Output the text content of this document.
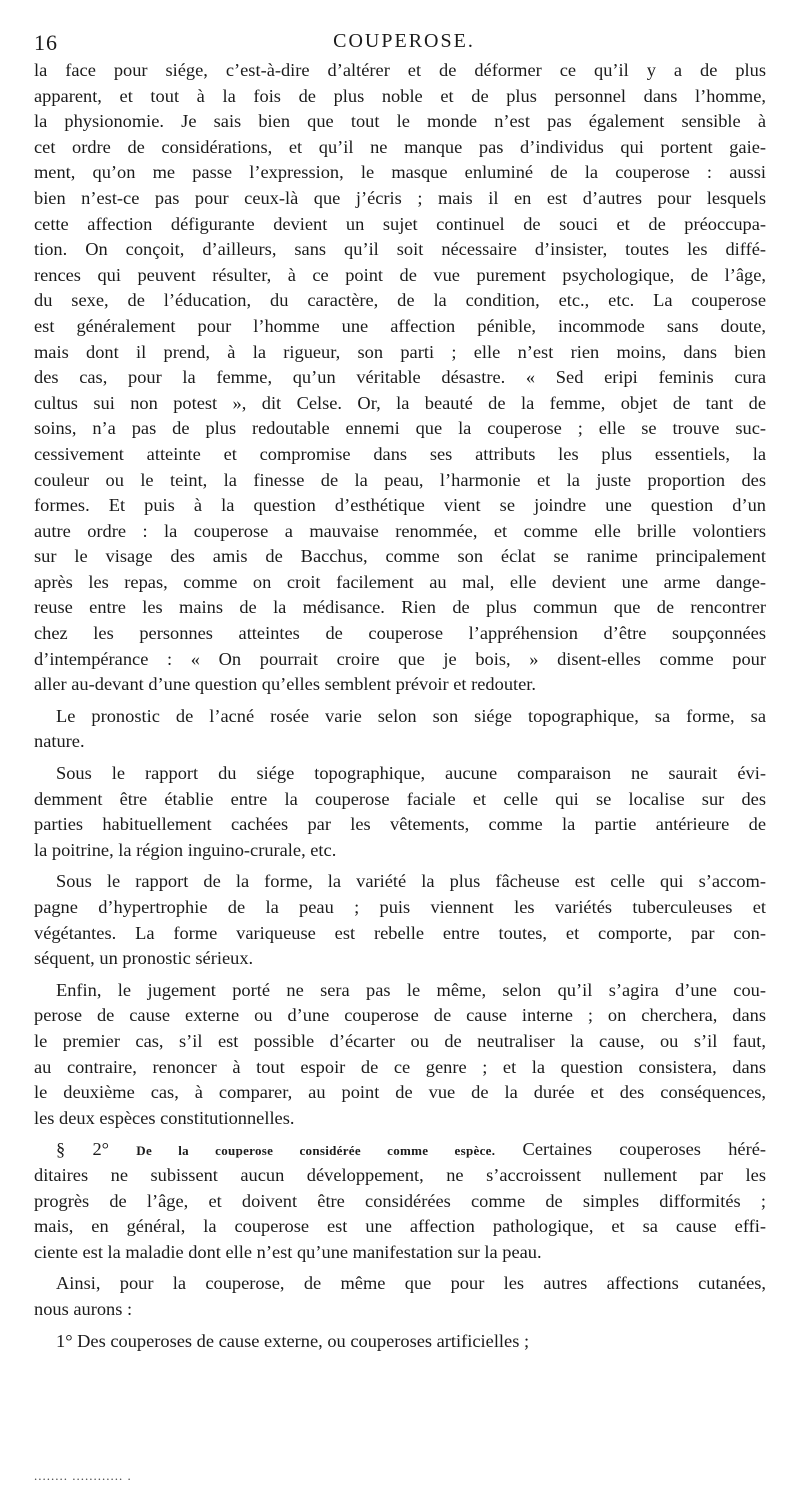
16	COUPEROSE.
la face pour siége, c’est-à-dire d’altérer et de déformer ce qu’il y a de plus
apparent, et tout à la fois de plus noble et de plus personnel dans l’homme,
la physionomie. Je sais bien que tout le monde n’est pas également sensible à
cet ordre de considérations, et qu’il ne manque pas d’individus qui portent gaie-
ment, qu’on me passe l’expression, le masque enluminé de la couperose : aussi
bien n’est-ce pas pour ceux-là que j’écris ; mais il en est d’autres pour lesquels
cette affection défigurante devient un sujet continuel de souci et de préoccupa-
tion. On conçoit, d’ailleurs, sans qu’il soit nécessaire d’insister, toutes les diffé-
rences qui peuvent résulter, à ce point de vue purement psychologique, de l’âge,
du sexe, de l’éducation, du caractère, de la condition, etc., etc. La couperose
est généralement pour l’homme une affection pénible, incommode sans doute,
mais dont il prend, à la rigueur, son parti ; elle n’est rien moins, dans bien
des cas, pour la femme, qu’un véritable désastre. « Sed eripi feminis cura
cultus sui non potest », dit Celse. Or, la beauté de la femme, objet de tant de
soins, n’a pas de plus redoutable ennemi que la couperose ; elle se trouve suc-
cessivement atteinte et compromise dans ses attributs les plus essentiels, la
couleur ou le teint, la finesse de la peau, l’harmonie et la juste proportion des
formes. Et puis à la question d’esthétique vient se joindre une question d’un
autre ordre : la couperose a mauvaise renommée, et comme elle brille volontiers
sur le visage des amis de Bacchus, comme son éclat se ranime principalement
après les repas, comme on croit facilement au mal, elle devient une arme dange-
reuse entre les mains de la médisance. Rien de plus commun que de rencontrer
chez les personnes atteintes de couperose l’appréhension d’être soupçonnées
d’intempérance : « On pourrait croire que je bois, » disent-elles comme pour
aller au-devant d’une question qu’elles semblent prévoir et redouter.
Le pronostic de l’acné rosée varie selon son siége topographique, sa forme, sa
nature.
Sous le rapport du siége topographique, aucune comparaison ne saurait évi-
demment être établie entre la couperose faciale et celle qui se localise sur des
parties habituellement cachées par les vêtements, comme la partie antérieure de
la poitrine, la région inguino-crurale, etc.
Sous le rapport de la forme, la variété la plus fâcheuse est celle qui s’accom-
pagne d’hypertrophie de la peau ; puis viennent les variétés tuberculeuses et
végétantes. La forme variqueuse est rebelle entre toutes, et comporte, par con-
séquent, un pronostic sérieux.
Enfin, le jugement porté ne sera pas le même, selon qu’il s’agira d’une cou-
perose de cause externe ou d’une couperose de cause interne ; on cherchera, dans
le premier cas, s’il est possible d’écarter ou de neutraliser la cause, ou s’il faut,
au contraire, renoncer à tout espoir de ce genre ; et la question consistera, dans
le deuxième cas, à comparer, au point de vue de la durée et des conséquences,
les deux espèces constitutionnelles.
§ 2° De la couperose considérée comme espèce. Certaines couperoses héré-
ditaires ne subissent aucun développement, ne s’accroissent nullement par les
progrès de l’âge, et doivent être considérées comme de simples difformités ;
mais, en général, la couperose est une affection pathologique, et sa cause effi-
ciente est la maladie dont elle n’est qu’une manifestation sur la peau.
Ainsi, pour la couperose, de même que pour les autres affections cutanées,
nous aurons :
1° Des couperoses de cause externe, ou couperoses artificielles ;
........ ............ .
